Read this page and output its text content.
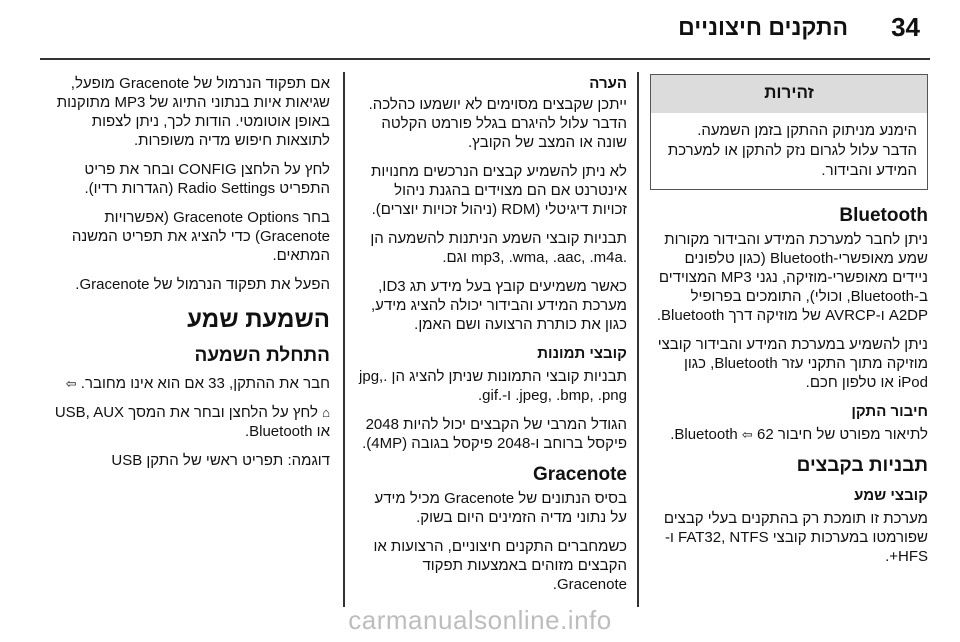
34
התקנים חיצוניים
זהירות
הימנע מניתוק ההתקן בזמן השמעה. הדבר עלול לגרום נזק להתקן או למערכת המידע והבידור.
Bluetooth

ניתן לחבר למערכת המידע והבידור מקורות שמע מאופשרי-Bluetooth (כגון טלפונים ניידים מאופשרי-מוזיקה, נגני MP3 המצוידים ב-Bluetooth, וכולי), התומכים בפרופיל A2DP ו-AVRCP של מוזיקה דרך Bluetooth.

ניתן להשמיע במערכת המידע והבידור קובצי מוזיקה מתוך התקני עזר Bluetooth, כגון iPod או טלפון חכם.

חיבור התקן

לתיאור מפורט של חיבור Bluetooth ⇦ 62.

תבניות בקבצים
קובצי שמע

מערכת זו תומכת רק בהתקנים בעלי קבצים שפורמטו במערכות קובצי FAT32, NTFS ו-HFS+.

הערה

ייתכן שקבצים מסוימים לא יושמעו כהלכה. הדבר עלול להיגרם בגלל פורמט הקלטה שונה או המצב של הקובץ.

לא ניתן להשמיע קבצים הנרכשים מחנויות אינטרנט אם הם מצוידים בהגנת ניהול זכויות דיגיטלי (RDM (ניהול זכויות יוצרים).

תבניות קובצי השמע הניתנות להשמעה הן .mp3, .wma, .aac, .m4a וגם.

כאשר משמיעים קובץ בעל מידע תג ID3, מערכת המידע והבידור יכולה להציג מידע, כגון את כותרת הרצועה ושם האמן.

קובצי תמונות

תבניות קובצי התמונות שניתן להציג הן .jpg, .jpeg, .bmp, .png ו-.gif.

הגודל המרבי של הקבצים יכול להיות 2048 פיקסל ברוחב ו-2048 פיקסל בגובה (4MP).

Gracenote

בסיס הנתונים של Gracenote מכיל מידע על נתוני מדיה הזמינים היום בשוק.

כשמחברים התקנים חיצוניים, הרצועות או הקבצים מזוהים באמצעות תפקוד Gracenote.

אם תפקוד הנרמול של Gracenote מופעל, שגיאות איות בנתוני התיוג של MP3 מתוקנות באופן אוטומטי. הודות לכך, ניתן לצפות לתוצאות חיפוש מדיה משופרות.

לחץ על הלחצן CONFIG ובחר את פריט התפריט Radio Settings (הגדרות רדיו).

בחר Gracenote Options (אפשרויות Gracenote) כדי להציג את תפריט המשנה המתאים.

הפעל את תפקוד הנרמול של Gracenote.

השמעת שמע
התחלת השמעה

חבר את ההתקן, 33 אם הוא אינו מחובר. ⇦

⌂ לחץ על הלחצן ובחר את המסך USB, AUX או Bluetooth.

דוגמה: תפריט ראשי של התקן USB

carmanualsonline.info
